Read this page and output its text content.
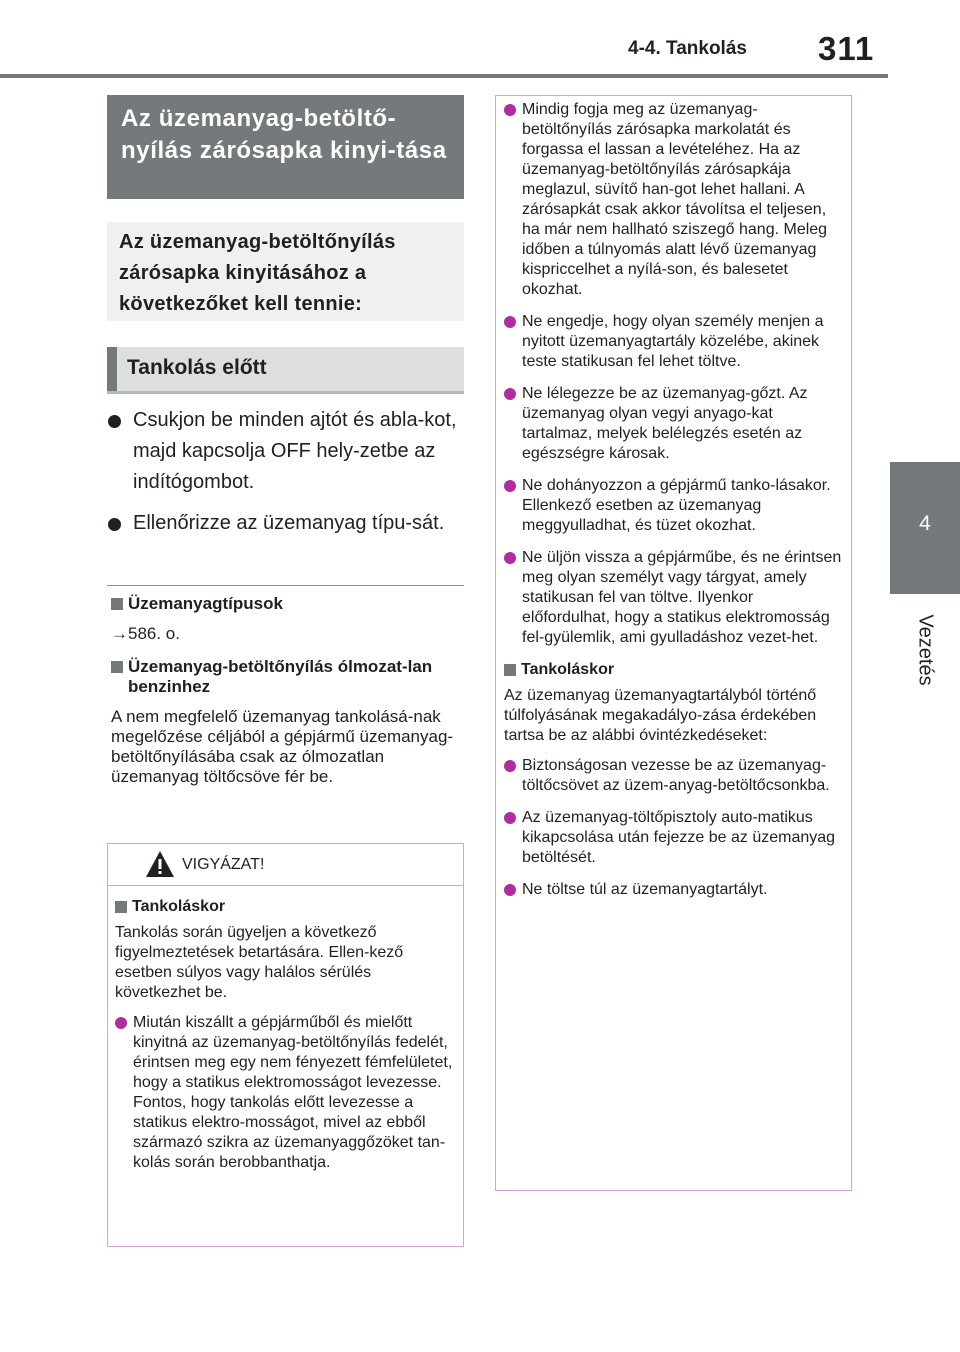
4-4. Tankolás 311
4
Vezetés
Az üzemanyag-betöltő-nyílás zárósapka kinyi-tása
Az üzemanyag-betöltőnyílás zárósapka kinyitásához a következőket kell tennie:
Tankolás előtt
Csukjon be minden ajtót és abla-kot, majd kapcsolja OFF hely-zetbe az indítógombot.
Ellenőrizze az üzemanyag típu-sát.
Üzemanyagtípusok
→586. o.
Üzemanyag-betöltőnyílás ólmozat-lan benzinhez
A nem megfelelő üzemanyag tankolásá-nak megelőzése céljából a gépjármű üzemanyag-betöltőnyílásába csak az ólmozatlan üzemanyag töltőcsöve fér be.
VIGYÁZAT!
Tankoláskor
Tankolás során ügyeljen a következő figyelmeztetések betartására. Ellen-kező esetben súlyos vagy halálos sérülés következhet be.
Miután kiszállt a gépjárműből és mielőtt kinyitná az üzemanyag-betöltőnyílás fedelét, érintsen meg egy nem fényezett fémfelületet, hogy a statikus elektromosságot levezesse. Fontos, hogy tankolás előtt levezesse a statikus elektro-mosságot, mivel az ebből származó szikra az üzemanyaggőzöket tan-kolás során berobbanthatja.
Mindig fogja meg az üzemanyag-betöltőnyílás zárósapka markolatát és forgassa el lassan a levételéhez. Ha az üzemanyag-betöltőnyílás zárósapkája meglazul, süvítő han-got lehet hallani. A zárósapkát csak akkor távolítsa el teljesen, ha már nem hallható sziszegő hang. Meleg időben a túlnyomás alatt lévő üzemanyag kispriccelhet a nyílá-son, és balesetet okozhat.
Ne engedje, hogy olyan személy menjen a nyitott üzemanyagtartály közelébe, akinek teste statikusan fel lehet töltve.
Ne lélegezze be az üzemanyag-gőzt. Az üzemanyag olyan vegyi anyago-kat tartalmaz, melyek belélegzés esetén az egészségre károsak.
Ne dohányozzon a gépjármű tanko-lásakor. Ellenkező esetben az üzemanyag meggyulladhat, és tüzet okozhat.
Ne üljön vissza a gépjárműbe, és ne érintsen meg olyan személyt vagy tárgyat, amely statikusan fel van töltve. Ilyenkor előfordulhat, hogy a statikus elektromosság fel-gyülemlik, ami gyulladáshoz vezet-het.
Tankoláskor
Az üzemanyag üzemanyagtartályból történő túlfolyásának megakadályo-zása érdekében tartsa be az alábbi óvintézkedéseket:
Biztonságosan vezesse be az üzemanyag-töltőcsövet az üzem-anyag-betöltőcsonkba.
Az üzemanyag-töltőpisztoly auto-matikus kikapcsolása után fejezze be az üzemanyag betöltését.
Ne töltse túl az üzemanyagtartályt.
